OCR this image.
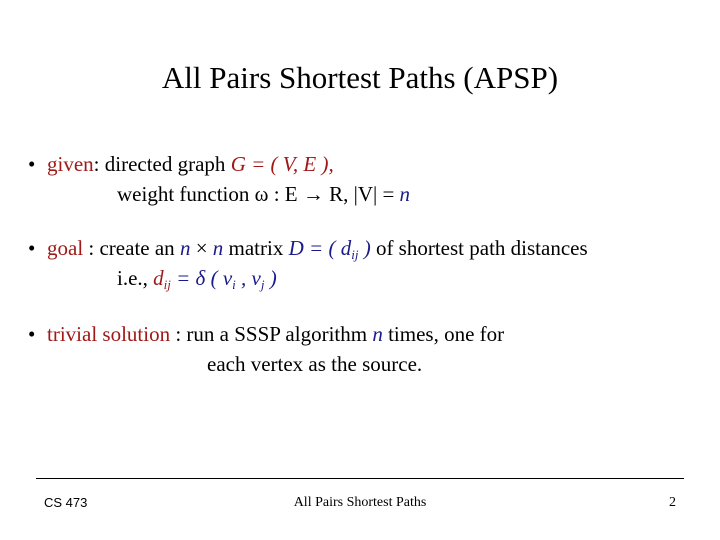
All Pairs Shortest Paths (APSP)
• given: directed graph G = ( V, E ),
weight function ω : E → R, |V| = n
• goal : create an n × n matrix D = ( $d_{ij}$ ) of shortest path distances
i.e., $d_{ij} = \delta$ ( $v_i$ , $v_j$ )
• trivial solution : run a SSSP algorithm n times, one for
each vertex as the source.
CS 473	All Pairs Shortest Paths	2
